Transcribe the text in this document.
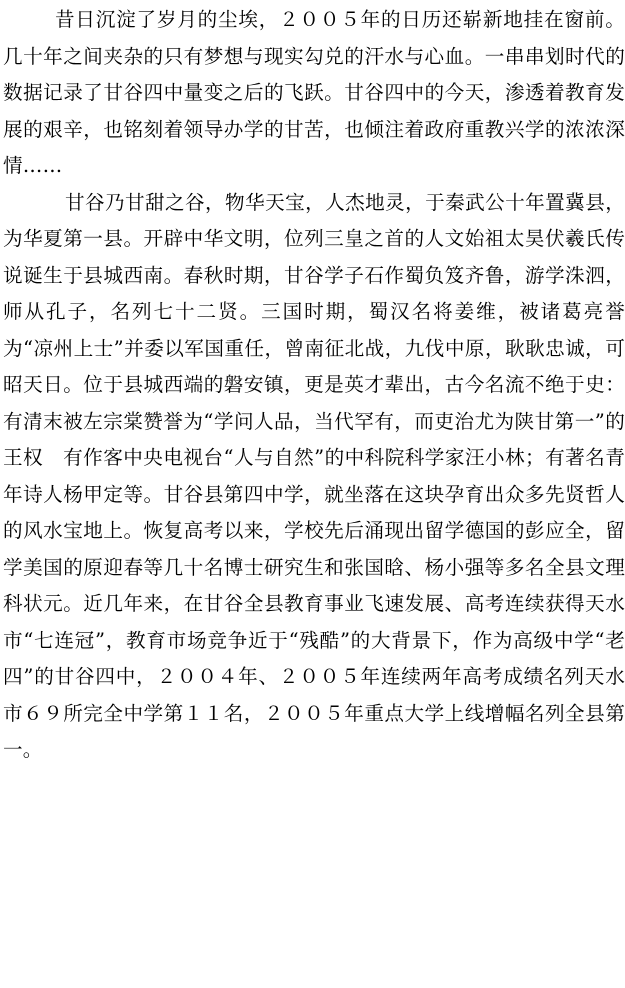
昔日沉淀了岁月的尘埃，２００５年的日历还崭新地挂在窗前。几十年之间夹杂的只有梦想与现实勾兑的汗水与心血。一串串划时代的数据记录了甘谷四中量变之后的飞跃。甘谷四中的今天，渗透着教育发展的艰辛，也铭刻着领导办学的甘苦，也倾注着政府重教兴学的浓浓深情……

甘谷乃甘甜之谷，物华天宝，人杰地灵，于秦武公十年置冀县，为华夏第一县。开辟中华文明，位列三皇之首的人文始祖太昊伏羲氏传说诞生于县城西南。春秋时期，甘谷学子石作蜀负笈齐鲁，游学洙泗，师从孔子，名列七十二贤。三国时期，蜀汉名将姜维，被诸葛亮誉为“凉州上士”并委以军国重任，曾南征北战，九伐中原，耿耿忠诚，可昭天日。位于县城西端的磐安镇，更是英才辈出，古今名流不绝于史：有清末被左宗棠赞誉为“学问人品，当代罕有，而吏治尤为陕甘第一”的王权　有作客中央电视台“人与自然”的中科院科学家汪小林；有著名青年诗人杨甲定等。甘谷县第四中学，就坐落在这块孕育出众多先贤哲人的风水宝地上。恢复高考以来，学校先后涌现出留学德国的彭应全，留学美国的原迎春等几十名博士研究生和张国晗、杨小强等多名全县文理科状元。近几年来，在甘谷全县教育事业飞速发展、高考连续获得天水市“七连冠”，教育市场竞争近于“残酷”的大背景下，作为高级中学“老四”的甘谷四中，２００４年、２００５年连续两年高考成绩名列天水市６９所完全中学第１１名，２００５年重点大学上线增幅名列全县第一。
